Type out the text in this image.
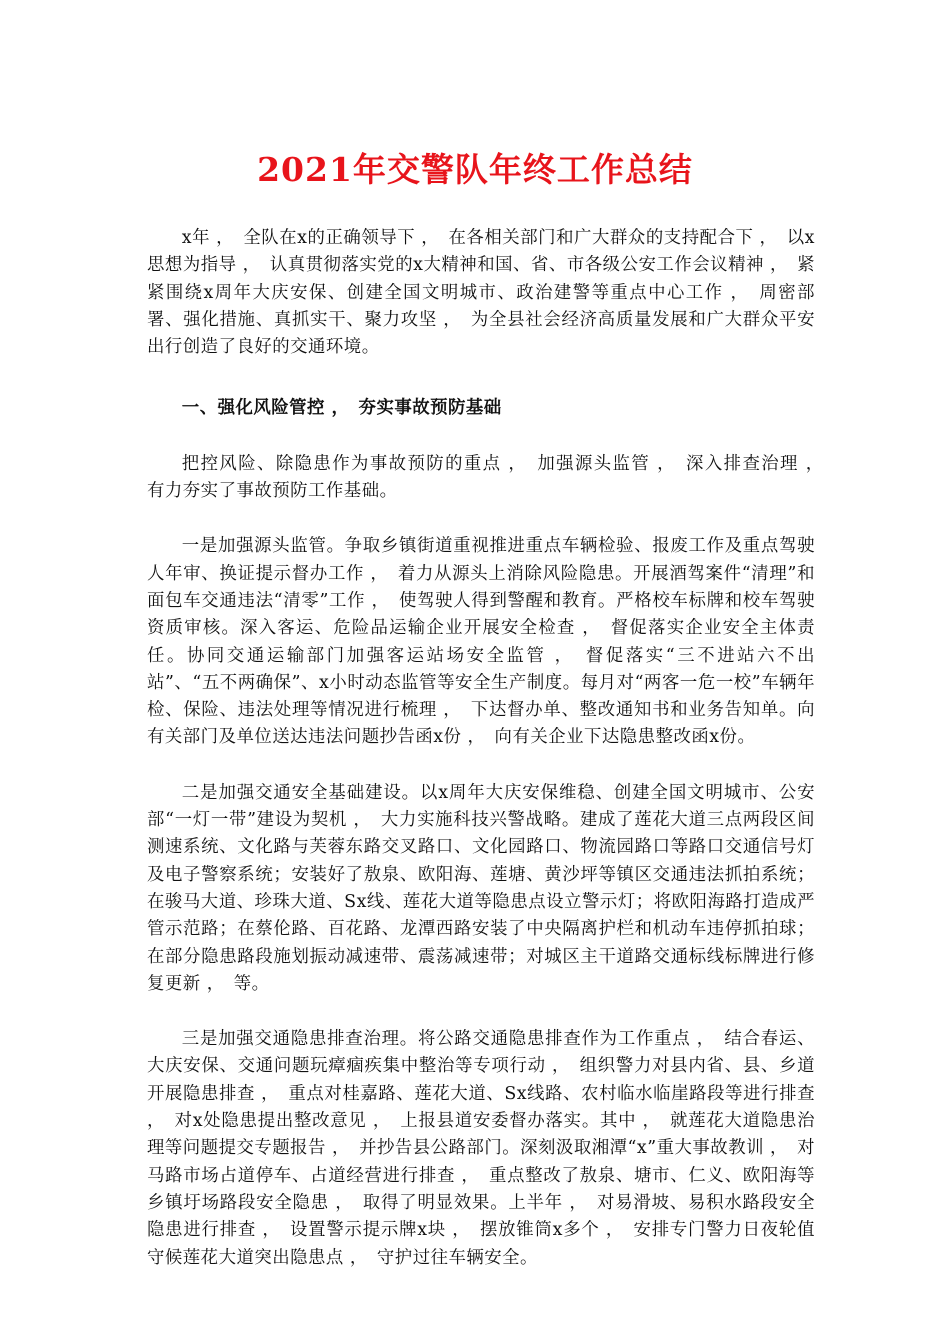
2021年交警队年终工作总结

x年 ，　全队在x的正确领导下 ，　在各相关部门和广大群众的支持配合下 ，　以x思想为指导 ，　认真贯彻落实党的x大精神和国、省、市各级公安工作会议精神 ，　紧紧围绕x周年大庆安保、创建全国文明城市、政治建警等重点中心工作 ，　周密部署、强化措施、真抓实干、聚力攻坚 ，　为全县社会经济高质量发展和广大群众平安出行创造了良好的交通环境。

一、强化风险管控 ，　夯实事故预防基础

把控风险、除隐患作为事故预防的重点 ，　加强源头监管 ，　深入排查治理 ，　有力夯实了事故预防工作基础。

一是加强源头监管。争取乡镇街道重视推进重点车辆检验、报废工作及重点驾驶人年审、换证提示督办工作 ，　着力从源头上消除风险隐患。开展酒驾案件“清理”和面包车交通违法“清零”工作 ，　使驾驶人得到警醒和教育。严格校车标牌和校车驾驶资质审核。深入客运、危险品运输企业开展安全检查 ，　督促落实企业安全主体责任。协同交通运输部门加强客运站场安全监管 ，　督促落实“三不进站六不出站”、“五不两确保”、x小时动态监管等安全生产制度。每月对“两客一危一校”车辆年检、保险、违法处理等情况进行梳理 ，　下达督办单、整改通知书和业务告知单。向有关部门及单位送达违法问题抄告函x份 ，　向有关企业下达隐患整改函x份。

二是加强交通安全基础建设。以x周年大庆安保维稳、创建全国文明城市、公安部“一灯一带”建设为契机 ，　大力实施科技兴警战略。建成了莲花大道三点两段区间测速系统、文化路与芙蓉东路交叉路口、文化园路口、物流园路口等路口交通信号灯及电子警察系统；安装好了敖泉、欧阳海、莲塘、黄沙坪等镇区交通违法抓拍系统；在骏马大道、珍珠大道、Sx线、莲花大道等隐患点设立警示灯；将欧阳海路打造成严管示范路；在蔡伦路、百花路、龙潭西路安装了中央隔离护栏和机动车违停抓拍球；在部分隐患路段施划振动减速带、震荡减速带；对城区主干道路交通标线标牌进行修复更新 ，　等。

三是加强交通隐患排查治理。将公路交通隐患排查作为工作重点 ，　结合春运、大庆安保、交通问题玩瘴痼疾集中整治等专项行动 ，　组织警力对县内省、县、乡道开展隐患排查 ，　重点对桂嘉路、莲花大道、Sx线路、农村临水临崖路段等进行排查 ，　对x处隐患提出整改意见 ，　上报县道安委督办落实。其中 ，　就莲花大道隐患治理等问题提交专题报告 ，　并抄告县公路部门。深刻汲取湘潭“x”重大事故教训 ，　对马路市场占道停车、占道经营进行排查 ，　重点整改了敖泉、塘市、仁义、欧阳海等乡镇圩场路段安全隐患 ，　取得了明显效果。上半年 ，　对易滑坡、易积水路段安全隐患进行排查 ，　设置警示提示牌x块 ，　摆放锥筒x多个 ，　安排专门警力日夜轮值守候莲花大道突出隐患点 ，　守护过往车辆安全。
